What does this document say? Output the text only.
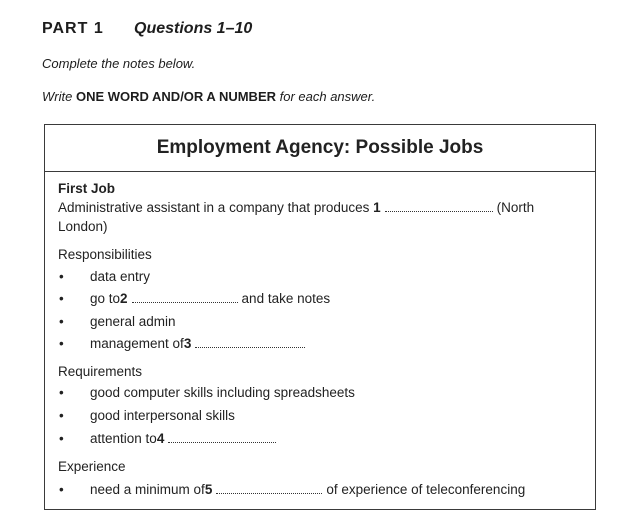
PART 1	Questions 1–10
Complete the notes below.
Write ONE WORD AND/OR A NUMBER for each answer.
Employment Agency: Possible Jobs
First Job
Administrative assistant in a company that produces 1	(North
London)
Responsibilities
•	data entry
•	go to 2	and take notes
•	general admin
•	management of 3
Requirements
•	good computer skills including spreadsheets
•	good interpersonal skills
•	attention to 4
Experience
•	need a minimum of 5	of experience of teleconferencing
